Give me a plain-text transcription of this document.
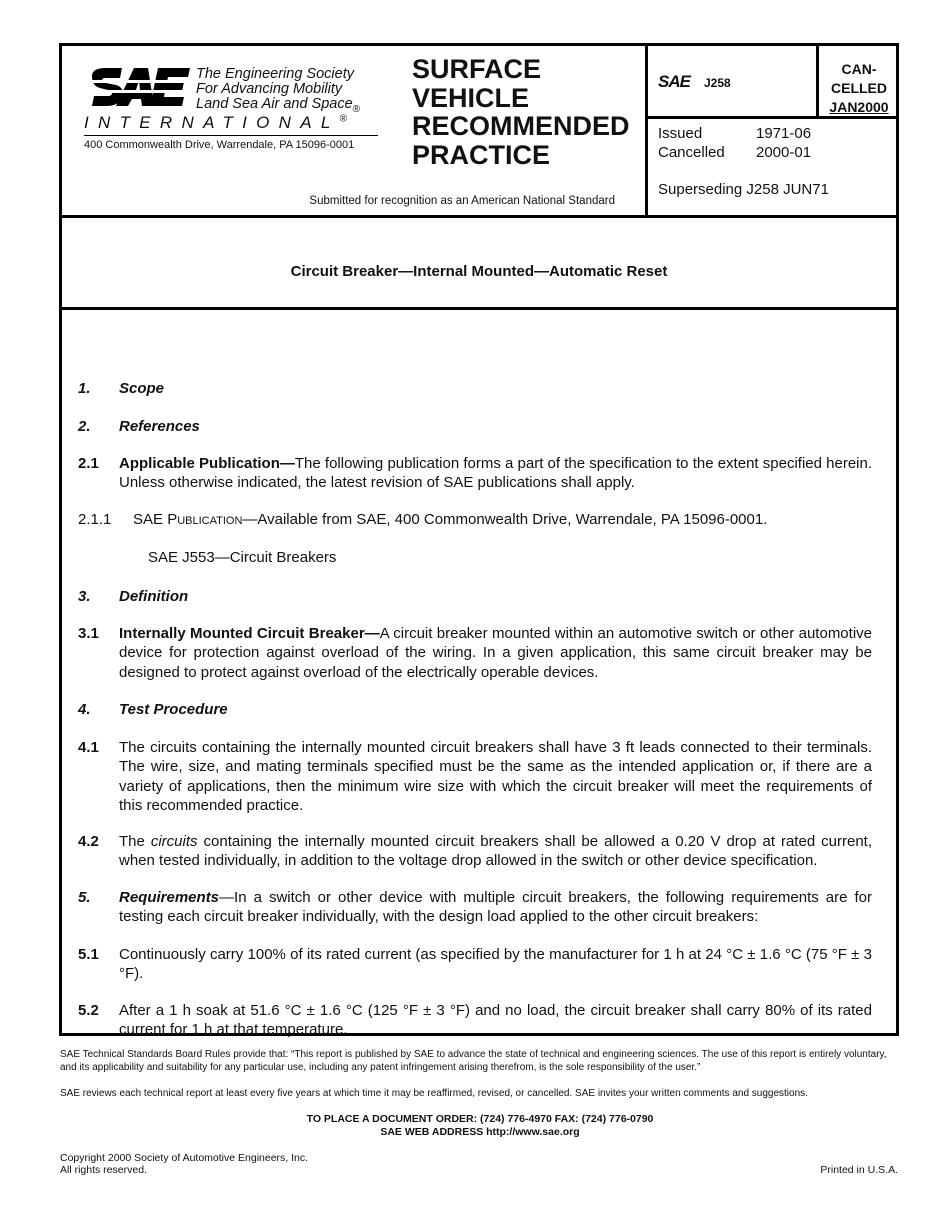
The Engineering Society
For Advancing Mobility
Land Sea Air and Space$_®$
INTERNATIONAL®
400 Commonwealth Drive, Warrendale, PA 15096-0001
SURFACE
VEHICLE
RECOMMENDED
PRACTICE
Submitted for recognition as an American National Standard
SAE J258
CAN-
CELLED
JAN2000
Issued	1971-06
Cancelled 2000-01
Superseding J258 JUN71
Circuit Breaker—Internal Mounted—Automatic Reset
1. Scope
2. References
2.1 Applicable Publication—The following publication forms a part of the specification to the extent specified herein. Unless otherwise indicated, the latest revision of SAE publications shall apply.
2.1.1 SAE Publication—Available from SAE, 400 Commonwealth Drive, Warrendale, PA 15096-0001.
SAE J553—Circuit Breakers
3. Definition
3.1 Internally Mounted Circuit Breaker—A circuit breaker mounted within an automotive switch or other automotive device for protection against overload of the wiring. In a given application, this same circuit breaker may be designed to protect against overload of the electrically operable devices.
4. Test Procedure
4.1 The circuits containing the internally mounted circuit breakers shall have 3 ft leads connected to their terminals. The wire, size, and mating terminals specified must be the same as the intended application or, if there are a variety of applications, then the minimum wire size with which the circuit breaker will meet the requirements of this recommended practice.
4.2 The circuits containing the internally mounted circuit breakers shall be allowed a 0.20 V drop at rated current, when tested individually, in addition to the voltage drop allowed in the switch or other device specification.
5. Requirements—In a switch or other device with multiple circuit breakers, the following requirements are for testing each circuit breaker individually, with the design load applied to the other circuit breakers:
5.1 Continuously carry 100% of its rated current (as specified by the manufacturer for 1 h at 24 °C ± 1.6 °C (75 °F ± 3 °F).
5.2 After a 1 h soak at 51.6 °C ± 1.6 °C (125 °F ± 3 °F) and no load, the circuit breaker shall carry 80% of its rated current for 1 h at that temperature.
SAE Technical Standards Board Rules provide that: “This report is published by SAE to advance the state of technical and engineering sciences. The use of this report is entirely voluntary, and its applicability and suitability for any particular use, including any patent infringement arising therefrom, is the sole responsibility of the user.”
SAE reviews each technical report at least every five years at which time it may be reaffirmed, revised, or cancelled. SAE invites your written comments and suggestions.
TO PLACE A DOCUMENT ORDER: (724) 776-4970 FAX: (724) 776-0790
SAE WEB ADDRESS http://www.sae.org
Copyright 2000 Society of Automotive Engineers, Inc.
All rights reserved.	Printed in U.S.A.
